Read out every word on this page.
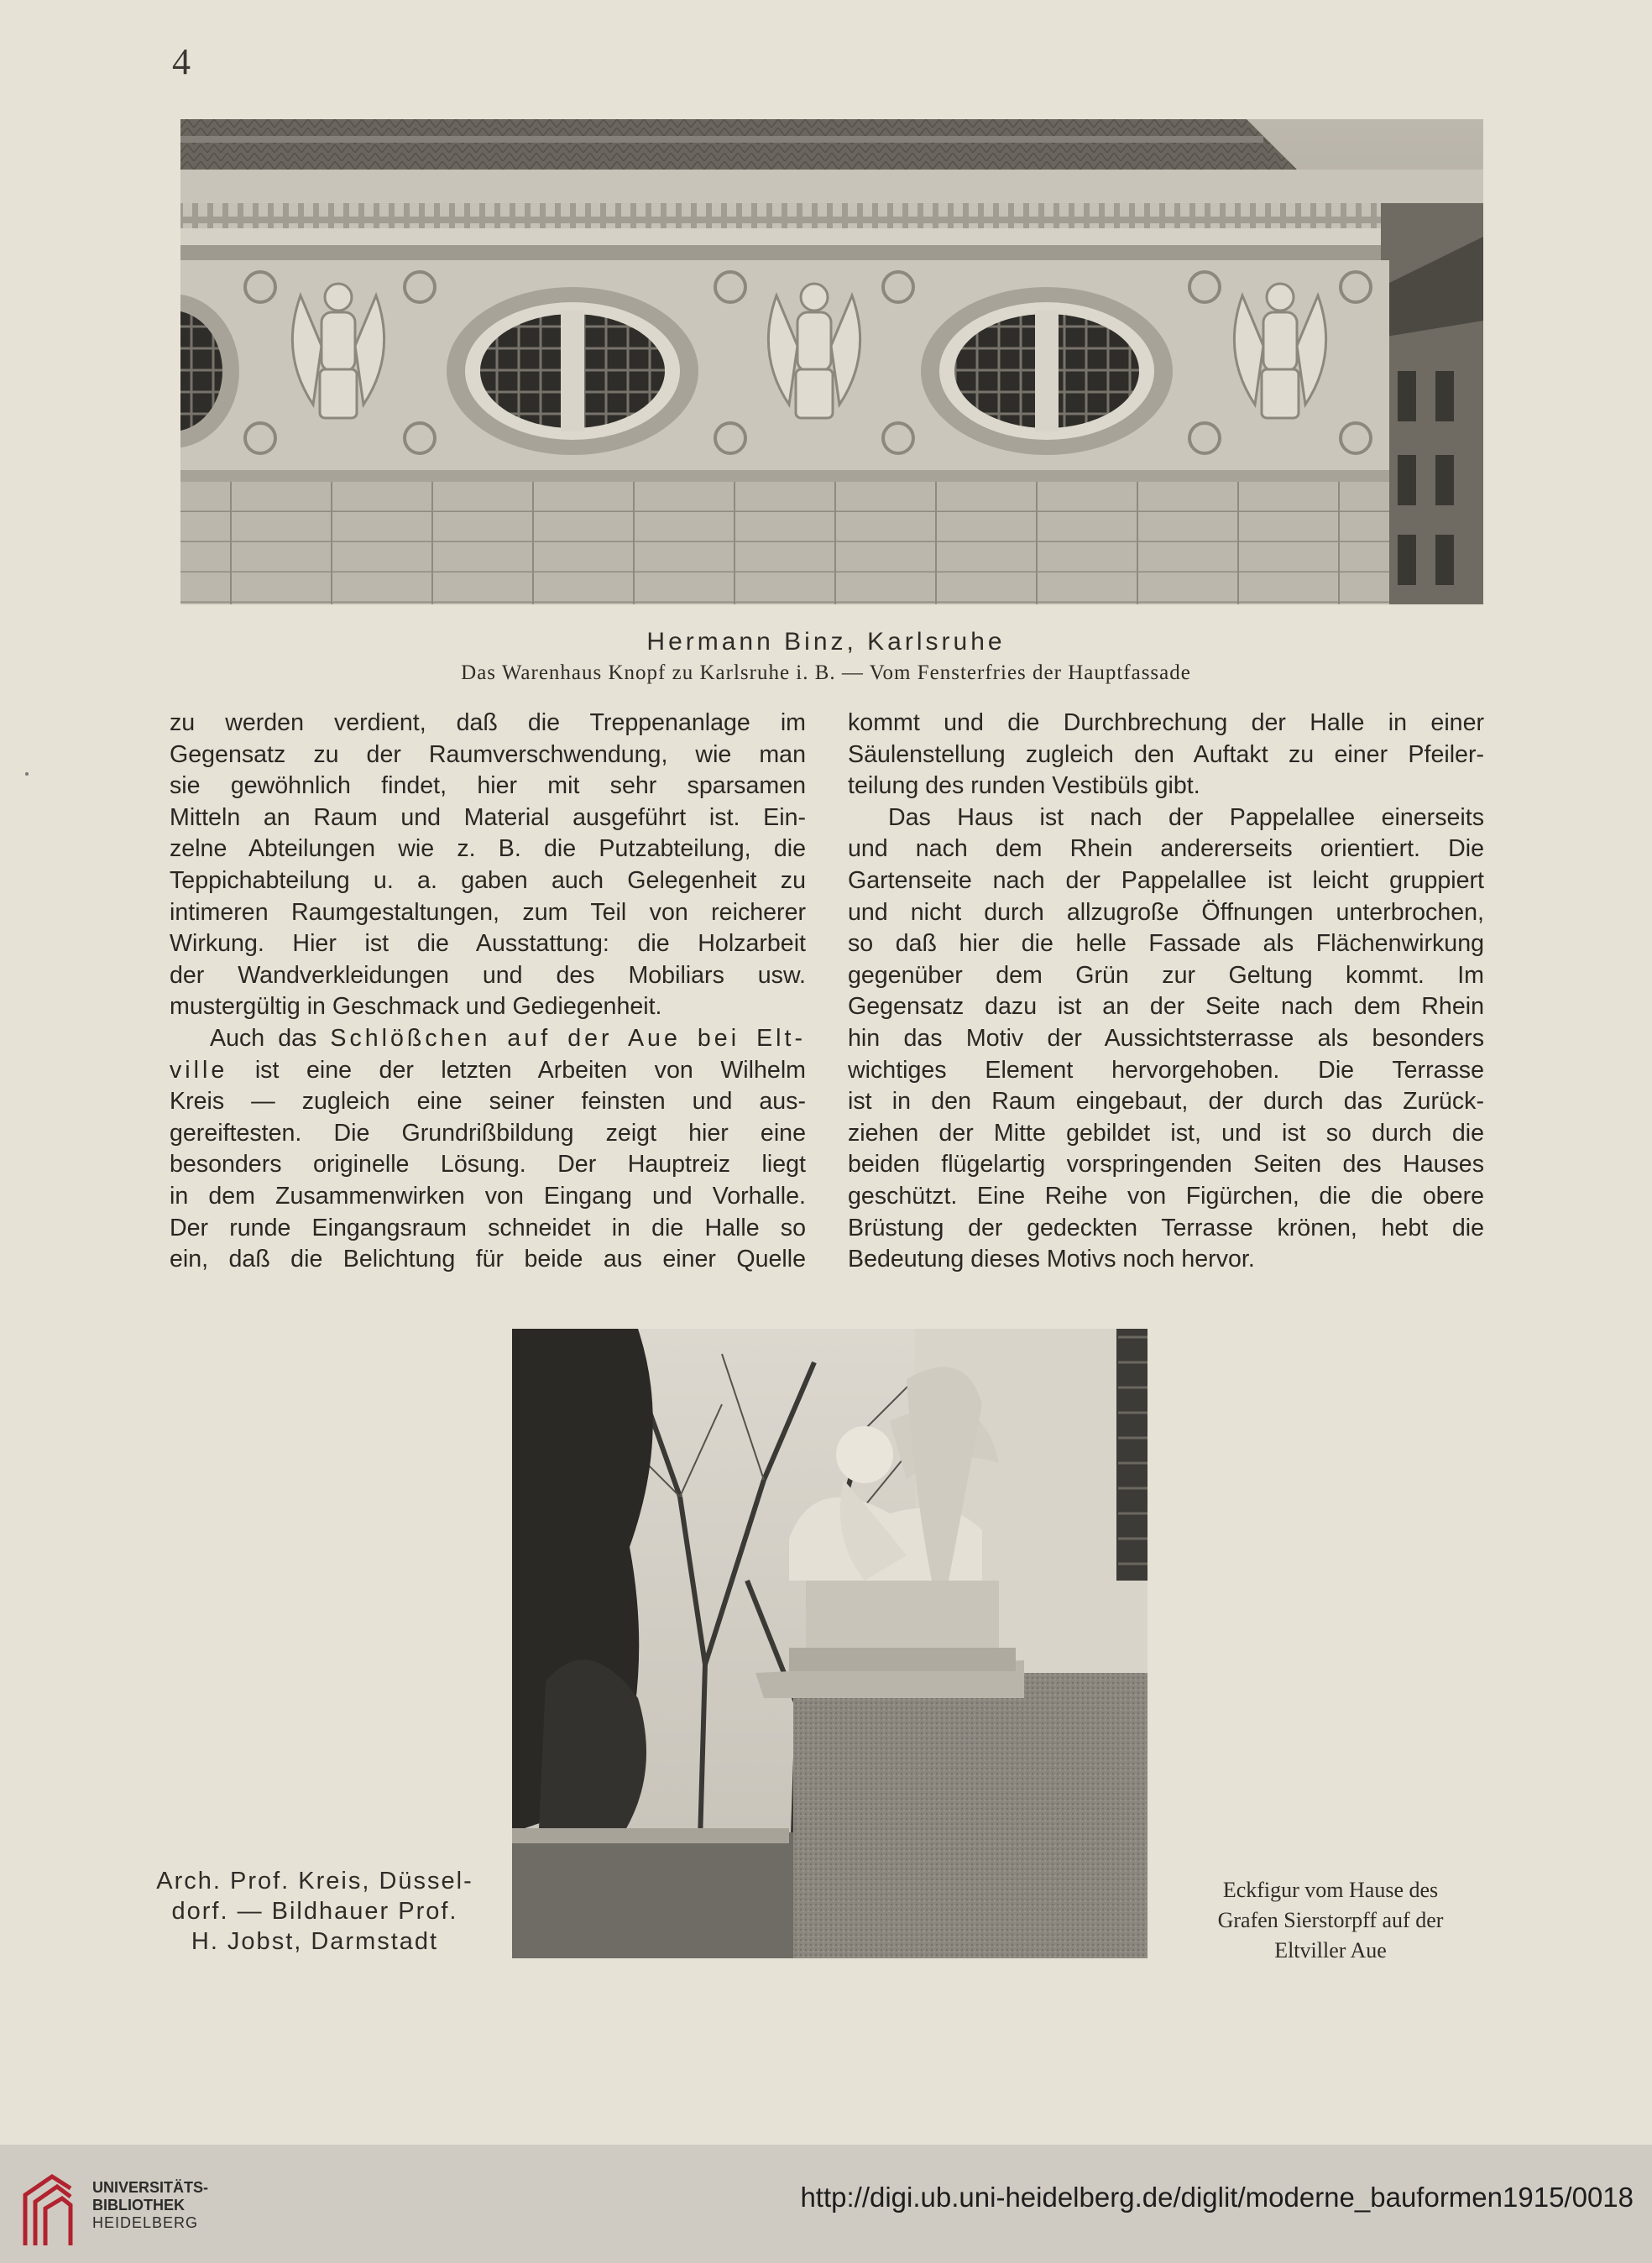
4
Hermann Binz, Karlsruhe
Das Warenhaus Knopf zu Karlsruhe i. B. — Vom Fensterfries der Hauptfassade

zu werden verdient, daß die Treppenanlage im

Gegensatz zu der Raumverschwendung, wie man

sie gewöhnlich findet, hier mit sehr sparsamen

Mitteln an Raum und Material ausgeführt ist. Ein-

zelne Abteilungen wie z. B. die Putzabteilung, die

Teppichabteilung u. a. gaben auch Gelegenheit zu

intimeren Raumgestaltungen, zum Teil von reicherer

Wirkung. Hier ist die Ausstattung: die Holzarbeit

der Wandverkleidungen und des Mobiliars usw.

mustergültig in Geschmack und Gediegenheit.

Auch das Schlößchen auf der Aue bei Elt-

ville ist eine der letzten Arbeiten von Wilhelm

Kreis — zugleich eine seiner feinsten und aus-

gereiftesten. Die Grundrißbildung zeigt hier eine

besonders originelle Lösung. Der Hauptreiz liegt

in dem Zusammenwirken von Eingang und Vorhalle.

Der runde Eingangsraum schneidet in die Halle so

ein, daß die Belichtung für beide aus einer Quelle

kommt und die Durchbrechung der Halle in einer

Säulenstellung zugleich den Auftakt zu einer Pfeiler-

teilung des runden Vestibüls gibt.

Das Haus ist nach der Pappelallee einerseits

und nach dem Rhein andererseits orientiert. Die

Gartenseite nach der Pappelallee ist leicht gruppiert

und nicht durch allzugroße Öffnungen unterbrochen,

so daß hier die helle Fassade als Flächenwirkung

gegenüber dem Grün zur Geltung kommt. Im

Gegensatz dazu ist an der Seite nach dem Rhein

hin das Motiv der Aussichtsterrasse als besonders

wichtiges Element hervorgehoben. Die Terrasse

ist in den Raum eingebaut, der durch das Zurück-

ziehen der Mitte gebildet ist, und ist so durch die

beiden flügelartig vorspringenden Seiten des Hauses

geschützt. Eine Reihe von Figürchen, die die obere

Brüstung der gedeckten Terrasse krönen, hebt die

Bedeutung dieses Motivs noch hervor.

Arch. Prof. Kreis, Düssel-
dorf. — Bildhauer Prof.
H. Jobst, Darmstadt
Eckfigur vom Hause des
Grafen Sierstorpff auf der
Eltviller Aue
UNIVERSITÄTS-
BIBLIOTHEK
HEIDELBERG
http://digi.ub.uni-heidelberg.de/diglit/moderne_bauformen1915/0018
